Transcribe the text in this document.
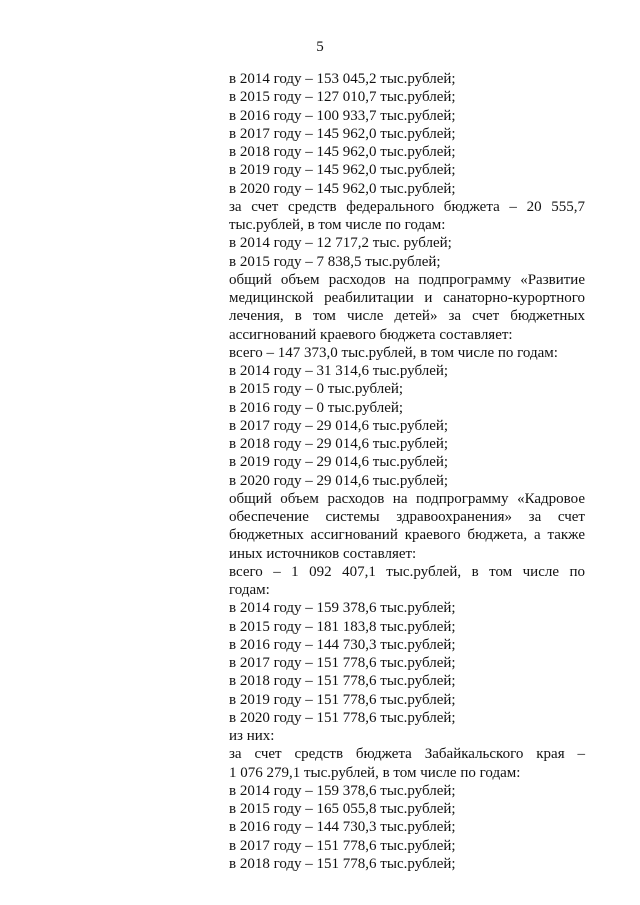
5
в 2014 году – 153 045,2 тыс.рублей;
в 2015 году – 127 010,7 тыс.рублей;
в 2016 году – 100 933,7 тыс.рублей;
в 2017 году – 145 962,0 тыс.рублей;
в 2018 году – 145 962,0 тыс.рублей;
в 2019 году – 145 962,0 тыс.рублей;
в 2020 году – 145 962,0 тыс.рублей;
за счет средств федерального бюджета – 20 555,7
тыс.рублей, в том числе по годам:
в 2014 году – 12 717,2 тыс. рублей;
в 2015 году – 7 838,5 тыс.рублей;
общий объем расходов на подпрограмму «Развитие
медицинской реабилитации и санаторно-курортного
лечения, в том числе детей» за счет бюджетных
ассигнований краевого бюджета составляет:
всего – 147 373,0 тыс.рублей, в том числе по годам:
в 2014 году – 31 314,6 тыс.рублей;
в 2015 году – 0 тыс.рублей;
в 2016 году – 0 тыс.рублей;
в 2017 году – 29 014,6 тыс.рублей;
в 2018 году – 29 014,6 тыс.рублей;
в 2019 году – 29 014,6 тыс.рублей;
в 2020 году – 29 014,6 тыс.рублей;
общий объем расходов на подпрограмму «Кадровое
обеспечение системы здравоохранения» за счет
бюджетных ассигнований краевого бюджета, а также
иных источников составляет:
всего – 1 092 407,1 тыс.рублей, в том числе по
годам:
в 2014 году – 159 378,6 тыс.рублей;
в 2015 году – 181 183,8 тыс.рублей;
в 2016 году – 144 730,3 тыс.рублей;
в 2017 году – 151 778,6 тыс.рублей;
в 2018 году – 151 778,6 тыс.рублей;
в 2019 году – 151 778,6 тыс.рублей;
в 2020 году – 151 778,6 тыс.рублей;
из них:
за счет средств бюджета Забайкальского края –
1 076 279,1 тыс.рублей, в том числе по годам:
в 2014 году – 159 378,6 тыс.рублей;
в 2015 году – 165 055,8 тыс.рублей;
в 2016 году – 144 730,3 тыс.рублей;
в 2017 году – 151 778,6 тыс.рублей;
в 2018 году – 151 778,6 тыс.рублей;
